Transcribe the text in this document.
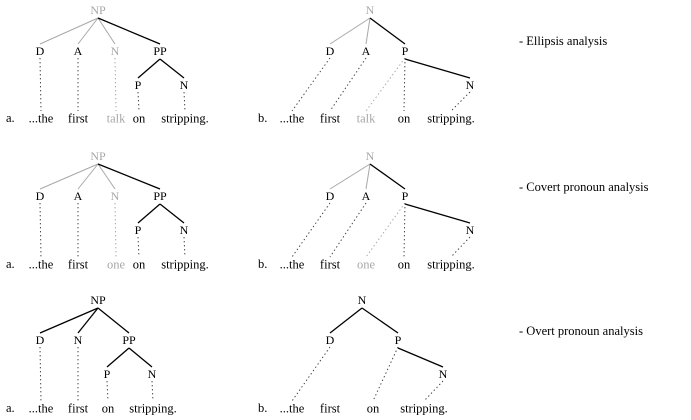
NP
D A N	PP
P	N
...the first talk on stripping.
a.
N
D A	P
N
...the first talk on stripping.
b.
NP
D A N	PP
P	N
...the first one on stripping.
a.
N
D A	P
N
...the first one on stripping.
b.
NP
D N	PP
P	N
...the first on stripping.
a.
N
D	P
N
...the first on stripping.
b.
- Ellipsis analysis
- Covert pronoun analysis
- Overt pronoun analysis
